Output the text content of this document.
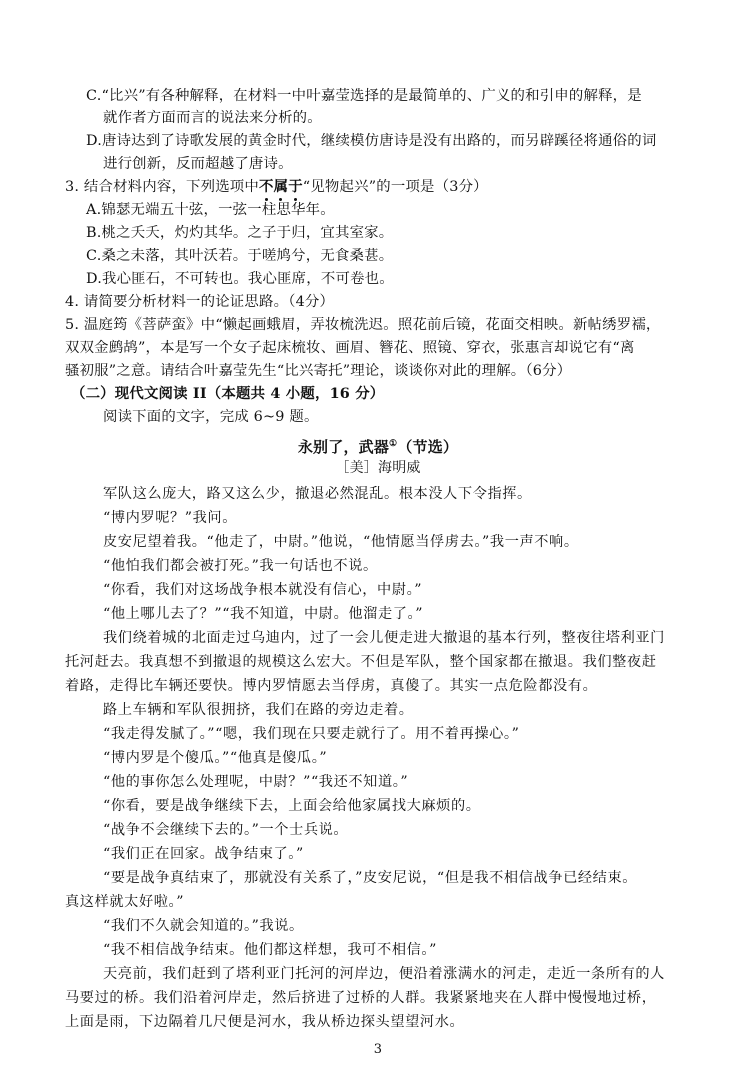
C.“比兴”有各种解释，在材料一中叶嘉莹选择的是最简单的、广义的和引申的解释，是
就作者方面而言的说法来分析的。
D.唐诗达到了诗歌发展的黄金时代，继续模仿唐诗是没有出路的，而另辟蹊径将通俗的词
进行创新，反而超越了唐诗。
3. 结合材料内容，下列选项中不属于“见物起兴”的一项是（3分）
A.锦瑟无端五十弦，一弦一柱思华年。
B.桃之夭夭，灼灼其华。之子于归，宜其室家。
C.桑之未落，其叶沃若。于嗟鸠兮，无食桑葚。
D.我心匪石，不可转也。我心匪席，不可卷也。
4. 请简要分析材料一的论证思路。（4分）
5. 温庭筠《菩萨蛮》中“懒起画蛾眉，弄妆梳洗迟。照花前后镜，花面交相映。新帖绣罗襦，
双双金鹧鸪”，本是写一个女子起床梳妆、画眉、簪花、照镜、穿衣，张惠言却说它有“离
骚初服”之意。请结合叶嘉莹先生“比兴寄托”理论，谈谈你对此的理解。（6分）
（二）现代文阅读 II（本题共 4 小题，16 分）
阅读下面的文字，完成 6~9 题。
永别了，武器①（节选）
［美］海明威
军队这么庞大，路又这么少，撤退必然混乱。根本没人下令指挥。
“博内罗呢？”我问。
皮安尼望着我。“他走了，中尉。”他说，“他情愿当俘虏去。”我一声不响。
“他怕我们都会被打死。”我一句话也不说。
“你看，我们对这场战争根本就没有信心，中尉。”
“他上哪儿去了？”“我不知道，中尉。他溜走了。”
我们绕着城的北面走过乌迪内，过了一会儿便走进大撤退的基本行列，整夜往塔利亚门
托河赶去。我真想不到撤退的规模这么宏大。不但是军队，整个国家都在撤退。我们整夜赶
着路，走得比车辆还要快。博内罗情愿去当俘虏，真傻了。其实一点危险都没有。
路上车辆和军队很拥挤，我们在路的旁边走着。
“我走得发腻了。”“嗯，我们现在只要走就行了。用不着再操心。”
“博内罗是个傻瓜。”“他真是傻瓜。”
“他的事你怎么处理呢，中尉？”“我还不知道。”
“你看，要是战争继续下去，上面会给他家属找大麻烦的。
“战争不会继续下去的。”一个士兵说。
“我们正在回家。战争结束了。”
“要是战争真结束了，那就没有关系了，”皮安尼说，“但是我不相信战争已经结束。
真这样就太好啦。”
“我们不久就会知道的。”我说。
“我不相信战争结束。他们都这样想，我可不相信。”
天亮前，我们赶到了塔利亚门托河的河岸边，便沿着涨满水的河走，走近一条所有的人
马要过的桥。我们沿着河岸走，然后挤进了过桥的人群。我紧紧地夹在人群中慢慢地过桥，
上面是雨，下边隔着几尺便是河水，我从桥边探头望望河水。
3
